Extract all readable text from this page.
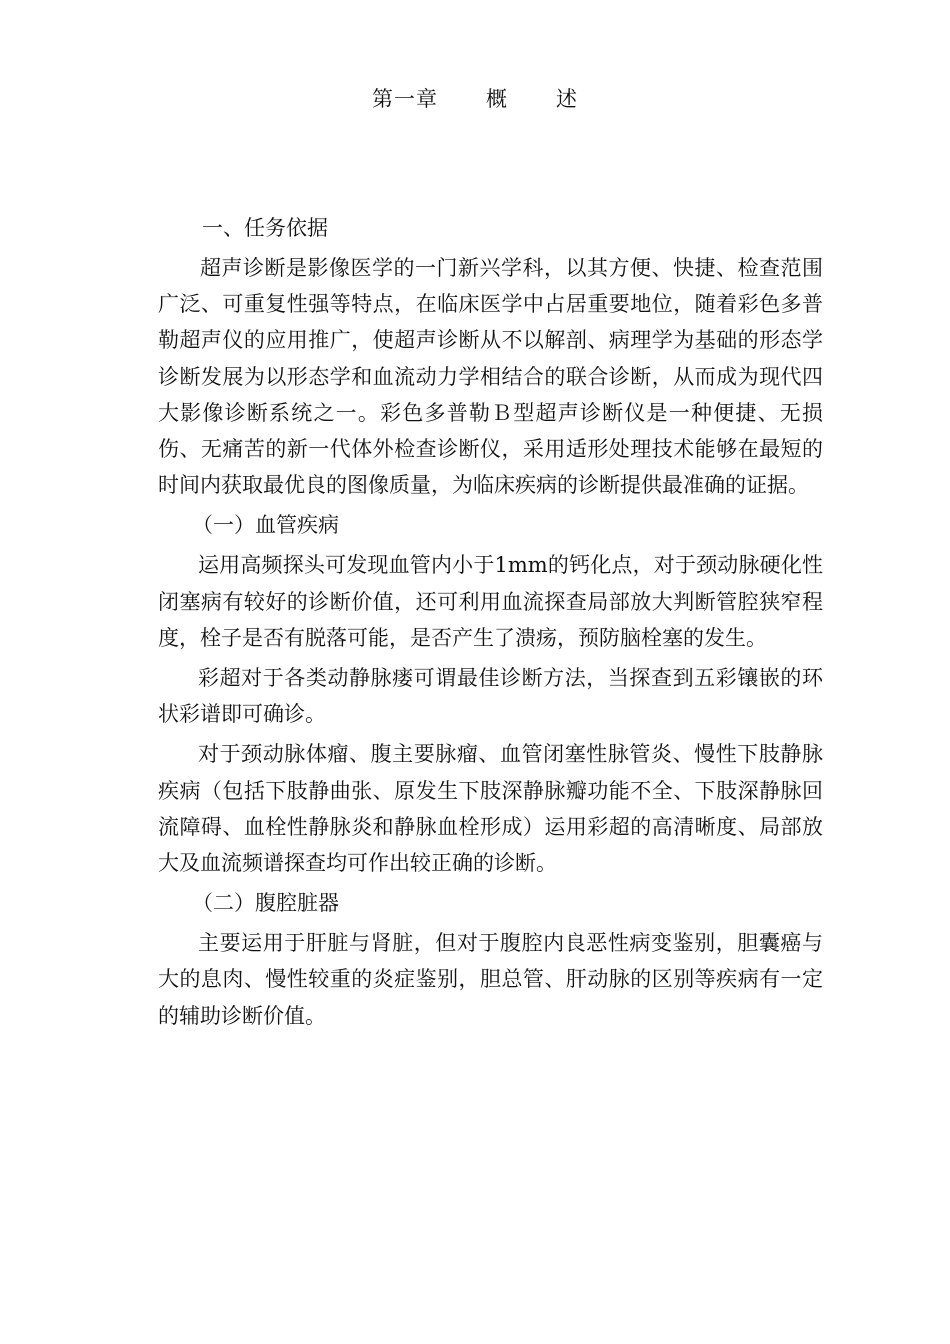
第一章 概 述
一、任务依据

超声诊断是影像医学的一门新兴学科，以其方便、快捷、检查范围广泛、可重复性强等特点，在临床医学中占居重要地位，随着彩色多普勒超声仪的应用推广，使超声诊断从不以解剖、病理学为基础的形态学诊断发展为以形态学和血流动力学相结合的联合诊断，从而成为现代四大影像诊断系统之一。彩色多普勒Ｂ型超声诊断仪是一种便捷、无损伤、无痛苦的新一代体外检查诊断仪，采用适形处理技术能够在最短的时间内获取最优良的图像质量，为临床疾病的诊断提供最准确的证据。

（一）血管疾病

运用高频探头可发现血管内小于1mm的钙化点，对于颈动脉硬化性闭塞病有较好的诊断价值，还可利用血流探查局部放大判断管腔狭窄程度，栓子是否有脱落可能，是否产生了溃疡，预防脑栓塞的发生。

彩超对于各类动静脉瘘可谓最佳诊断方法，当探查到五彩镶嵌的环状彩谱即可确诊。

对于颈动脉体瘤、腹主要脉瘤、血管闭塞性脉管炎、慢性下肢静脉疾病（包括下肢静曲张、原发生下肢深静脉瓣功能不全、下肢深静脉回流障碍、血栓性静脉炎和静脉血栓形成）运用彩超的高清晰度、局部放大及血流频谱探查均可作出较正确的诊断。

（二）腹腔脏器

主要运用于肝脏与肾脏，但对于腹腔内良恶性病变鉴别，胆囊癌与大的息肉、慢性较重的炎症鉴别，胆总管、肝动脉的区别等疾病有一定的辅助诊断价值。
